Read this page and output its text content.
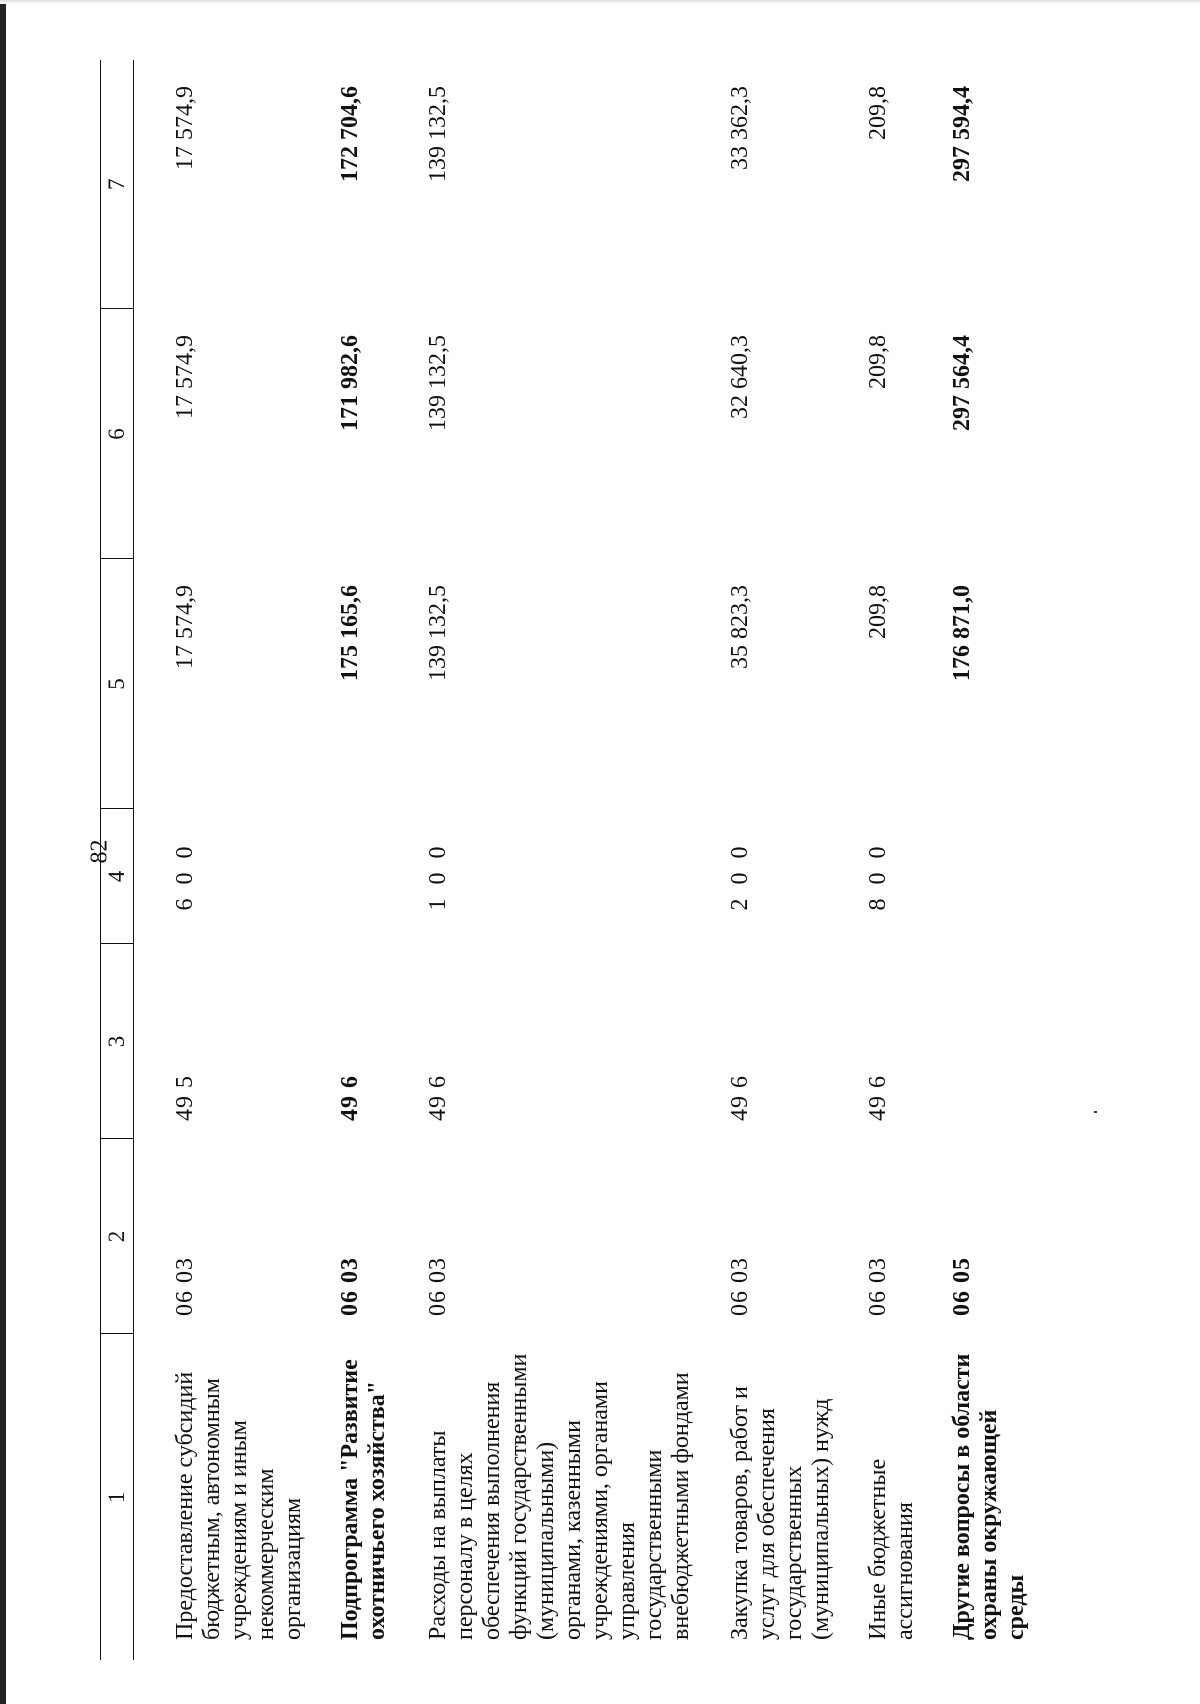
82
1	2	3	4	5	6	7

Предоставление субсидий бюджетным, автономным учреждениям и иным некоммерческим организациям	06 03	49 5	6 0 0	17 574,9	17 574,9	17 574,9

Подпрограмма "Развитие охотничьего хозяйства"	06 03	49 6		175 165,6	171 982,6	172 704,6

Расходы на выплаты персоналу в целях обеспечения выполнения функций государственными (муниципальными) органами, казенными учреждениями, органами управления государственными внебюджетными фондами	06 03	49 6	1 0 0	139 132,5	139 132,5	139 132,5

Закупка товаров, работ и услуг для обеспечения государственных (муниципальных) нужд	06 03	49 6	2 0 0	35 823,3	32 640,3	33 362,3

Иные бюджетные ассигнования	06 03	49 6	8 0 0	209,8	209,8	209,8

Другие вопросы в области охраны окружающей среды	06 05			176 871,0	297 564,4	297 594,4
